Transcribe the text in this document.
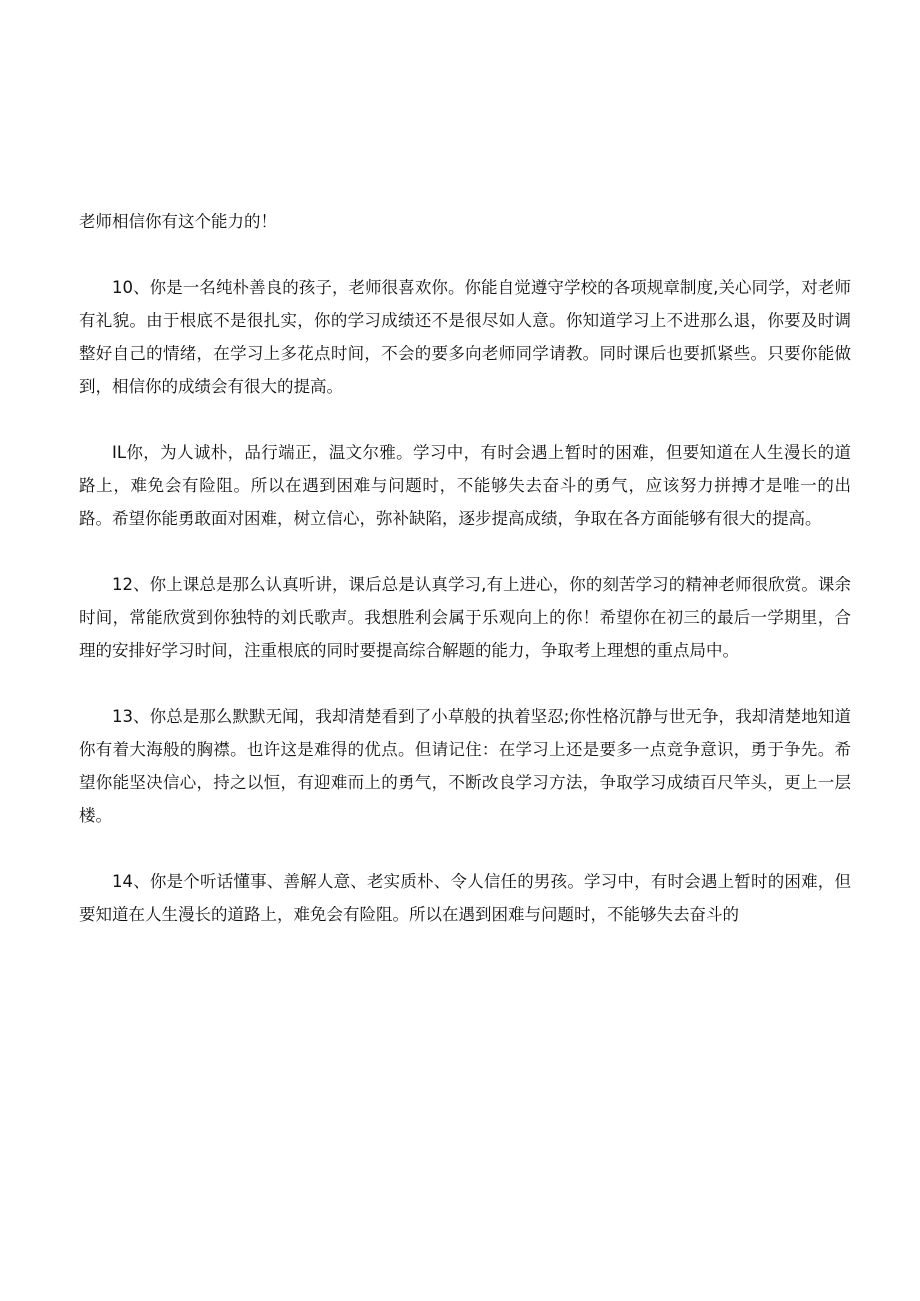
老师相信你有这个能力的！

10、你是一名纯朴善良的孩子，老师很喜欢你。你能自觉遵守学校的各项规章制度,关心同学，对老师有礼貌。由于根底不是很扎实，你的学习成绩还不是很尽如人意。你知道学习上不进那么退，你要及时调整好自己的情绪，在学习上多花点时间，不会的要多向老师同学请教。同时课后也要抓紧些。只要你能做到，相信你的成绩会有很大的提高。

IL你，为人诚朴，品行端正，温文尔雅。学习中，有时会遇上暂时的困难，但要知道在人生漫长的道路上，难免会有险阻。所以在遇到困难与问题时，不能够失去奋斗的勇气，应该努力拼搏才是唯一的出路。希望你能勇敢面对困难，树立信心，弥补缺陷，逐步提高成绩，争取在各方面能够有很大的提高。

12、你上课总是那么认真听讲，课后总是认真学习,有上进心，你的刻苦学习的精神老师很欣赏。课余时间，常能欣赏到你独特的刘氏歌声。我想胜利会属于乐观向上的你！希望你在初三的最后一学期里，合理的安排好学习时间，注重根底的同时要提高综合解题的能力，争取考上理想的重点局中。

13、你总是那么默默无闻，我却清楚看到了小草般的执着坚忍;你性格沉静与世无争，我却清楚地知道你有着大海般的胸襟。也许这是难得的优点。但请记住：在学习上还是要多一点竞争意识，勇于争先。希望你能坚决信心，持之以恒，有迎难而上的勇气，不断改良学习方法，争取学习成绩百尺竿头，更上一层楼。

14、你是个听话懂事、善解人意、老实质朴、令人信任的男孩。学习中，有时会遇上暂时的困难，但要知道在人生漫长的道路上，难免会有险阻。所以在遇到困难与问题时，不能够失去奋斗的
